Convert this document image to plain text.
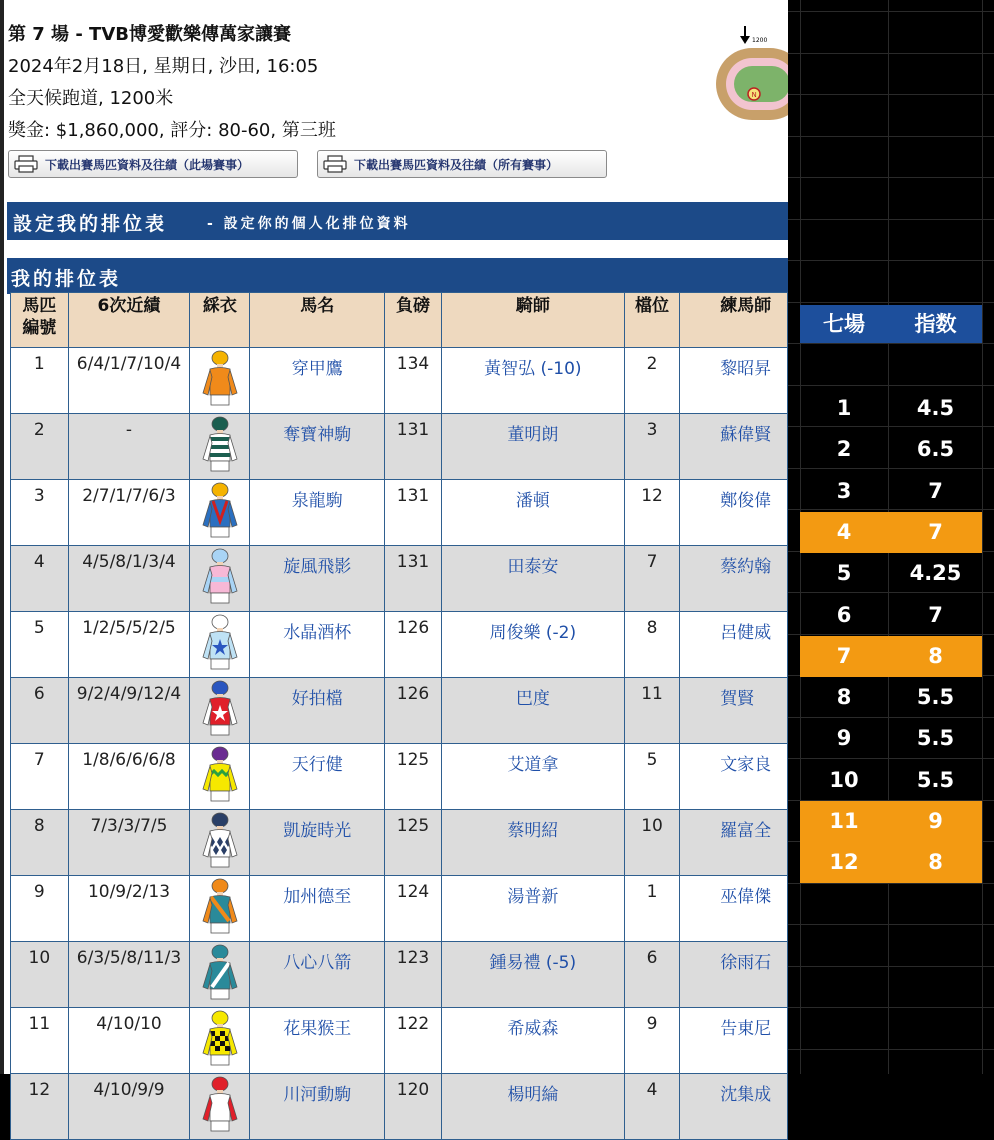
第 7 場 - TVB博愛歡樂傳萬家讓賽
2024年2月18日, 星期日, 沙田, 16:05
全天候跑道, 1200米
獎金: $1,860,000, 評分: 80-60, 第三班
1200
N
下載出賽馬匹資料及往績（此場賽事）	下載出賽馬匹資料及往績（所有賽事）
設定我的排位表	- 設定你的個人化排位資料
我的排位表
馬匹編號	6次近績	綵衣	馬名	負磅	騎師	檔位	練馬師
1	6/4/1/7/10/4		穿甲鷹	134	黃智弘 (-10)	2	黎昭昇
2	-		奪寶神駒	131	董明朗	3	蘇偉賢
3	2/7/1/7/6/3		泉龍駒	131	潘頓	12	鄭俊偉
4	4/5/8/1/3/4		旋風飛影	131	田泰安	7	蔡約翰
5	1/2/5/5/2/5		水晶酒杯	126	周俊樂 (-2)	8	呂健威
6	9/2/4/9/12/4		好拍檔	126	巴度	11	賀賢
7	1/8/6/6/6/8		天行健	125	艾道拿	5	文家良
8	7/3/3/7/5		凱旋時光	125	蔡明紹	10	羅富全
9	10/9/2/13		加州德至	124	湯普新	1	巫偉傑
10	6/3/5/8/11/3		八心八箭	123	鍾易禮 (-5)	6	徐雨石
11	4/10/10		花果猴王	122	希威森	9	告東尼
12	4/10/9/9		川河動駒	120	楊明綸	4	沈集成
七場	指数
1	4.5
2	6.5
3	7
4	7
5	4.25
6	7
7	8
8	5.5
9	5.5
10	5.5
11	9
12	8
